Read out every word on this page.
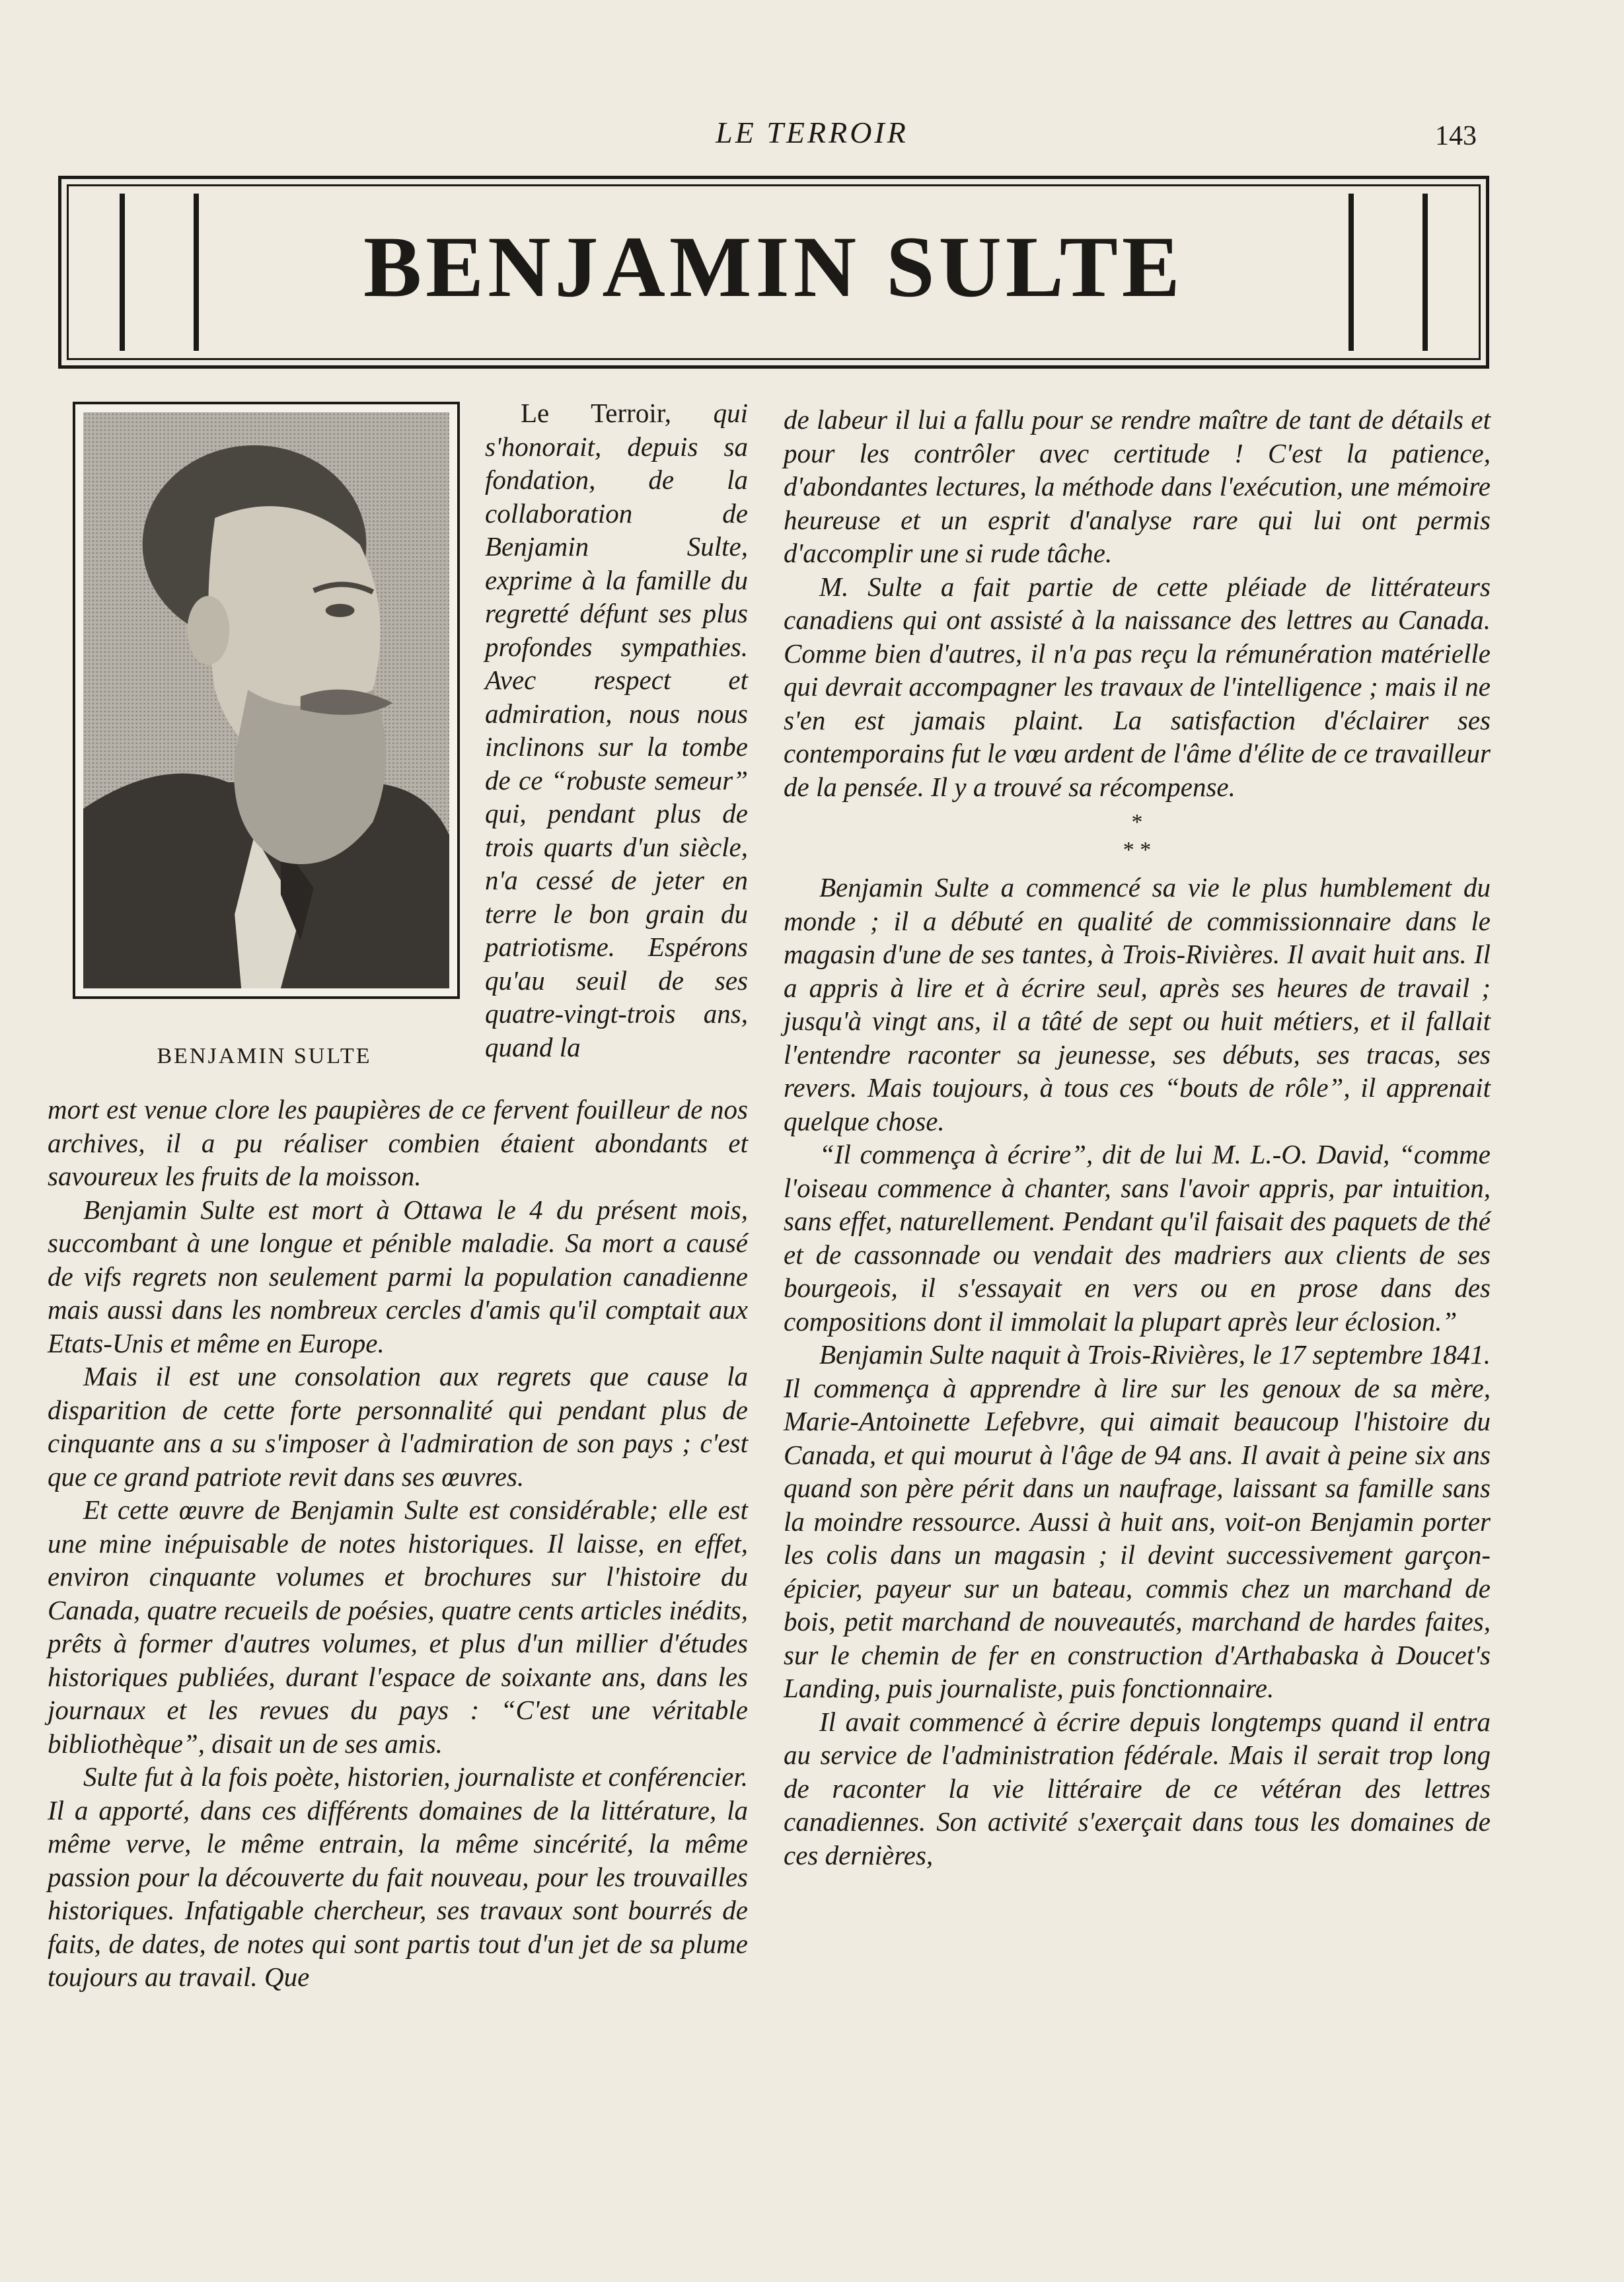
LE TERROIR	143
BENJAMIN SULTE
BENJAMIN SULTE

Le Terroir, qui s'honorait, depuis sa fondation, de la collaboration de Benjamin Sulte, exprime à la famille du regretté défunt ses plus profondes sympathies. Avec respect et admiration, nous nous inclinons sur la tombe de ce “robuste semeur” qui, pendant plus de trois quarts d'un siècle, n'a cessé de jeter en terre le bon grain du patriotisme. Espérons qu'au seuil de ses quatre-vingt-trois ans, quand la

mort est venue clore les paupières de ce fervent fouilleur de nos archives, il a pu réaliser combien étaient abondants et savoureux les fruits de la moisson.

Benjamin Sulte est mort à Ottawa le 4 du présent mois, succombant à une longue et pénible maladie. Sa mort a causé de vifs regrets non seulement parmi la population canadienne mais aussi dans les nombreux cercles d'amis qu'il comptait aux Etats-Unis et même en Europe.

Mais il est une consolation aux regrets que cause la disparition de cette forte personnalité qui pendant plus de cinquante ans a su s'imposer à l'admiration de son pays ; c'est que ce grand patriote revit dans ses œuvres.

Et cette œuvre de Benjamin Sulte est considérable; elle est une mine inépuisable de notes historiques. Il laisse, en effet, environ cinquante volumes et brochures sur l'histoire du Canada, quatre recueils de poésies, quatre cents articles inédits, prêts à former d'autres volumes, et plus d'un millier d'études historiques publiées, durant l'espace de soixante ans, dans les journaux et les revues du pays : “C'est une véritable bibliothèque”, disait un de ses amis.

Sulte fut à la fois poète, historien, journaliste et conférencier. Il a apporté, dans ces différents domaines de la littérature, la même verve, le même entrain, la même sincérité, la même passion pour la découverte du fait nouveau, pour les trouvailles historiques. Infatigable chercheur, ses travaux sont bourrés de faits, de dates, de notes qui sont partis tout d'un jet de sa plume toujours au travail. Que

de labeur il lui a fallu pour se rendre maître de tant de détails et pour les contrôler avec certitude ! C'est la patience, d'abondantes lectures, la méthode dans l'exécution, une mémoire heureuse et un esprit d'analyse rare qui lui ont permis d'accomplir une si rude tâche.

M. Sulte a fait partie de cette pléiade de littérateurs canadiens qui ont assisté à la naissance des lettres au Canada. Comme bien d'autres, il n'a pas reçu la rémunération matérielle qui devrait accompagner les travaux de l'intelligence ; mais il ne s'en est jamais plaint. La satisfaction d'éclairer ses contemporains fut le vœu ardent de l'âme d'élite de ce travailleur de la pensée. Il y a trouvé sa récompense.

*
* *

Benjamin Sulte a commencé sa vie le plus humblement du monde ; il a débuté en qualité de commissionnaire dans le magasin d'une de ses tantes, à Trois-Rivières. Il avait huit ans. Il a appris à lire et à écrire seul, après ses heures de travail ; jusqu'à vingt ans, il a tâté de sept ou huit métiers, et il fallait l'entendre raconter sa jeunesse, ses débuts, ses tracas, ses revers. Mais toujours, à tous ces “bouts de rôle”, il apprenait quelque chose.

“Il commença à écrire”, dit de lui M. L.-O. David, “comme l'oiseau commence à chanter, sans l'avoir appris, par intuition, sans effet, naturellement. Pendant qu'il faisait des paquets de thé et de cassonnade ou vendait des madriers aux clients de ses bourgeois, il s'essayait en vers ou en prose dans des compositions dont il immolait la plupart après leur éclosion.”

Benjamin Sulte naquit à Trois-Rivières, le 17 septembre 1841. Il commença à apprendre à lire sur les genoux de sa mère, Marie-Antoinette Lefebvre, qui aimait beaucoup l'histoire du Canada, et qui mourut à l'âge de 94 ans. Il avait à peine six ans quand son père périt dans un naufrage, laissant sa famille sans la moindre ressource. Aussi à huit ans, voit-on Benjamin porter les colis dans un magasin ; il devint successivement garçon-épicier, payeur sur un bateau, commis chez un marchand de bois, petit marchand de nouveautés, marchand de hardes faites, sur le chemin de fer en construction d'Arthabaska à Doucet's Landing, puis journaliste, puis fonctionnaire.

Il avait commencé à écrire depuis longtemps quand il entra au service de l'administration fédérale. Mais il serait trop long de raconter la vie littéraire de ce vétéran des lettres canadiennes. Son activité s'exerçait dans tous les domaines de ces dernières,
